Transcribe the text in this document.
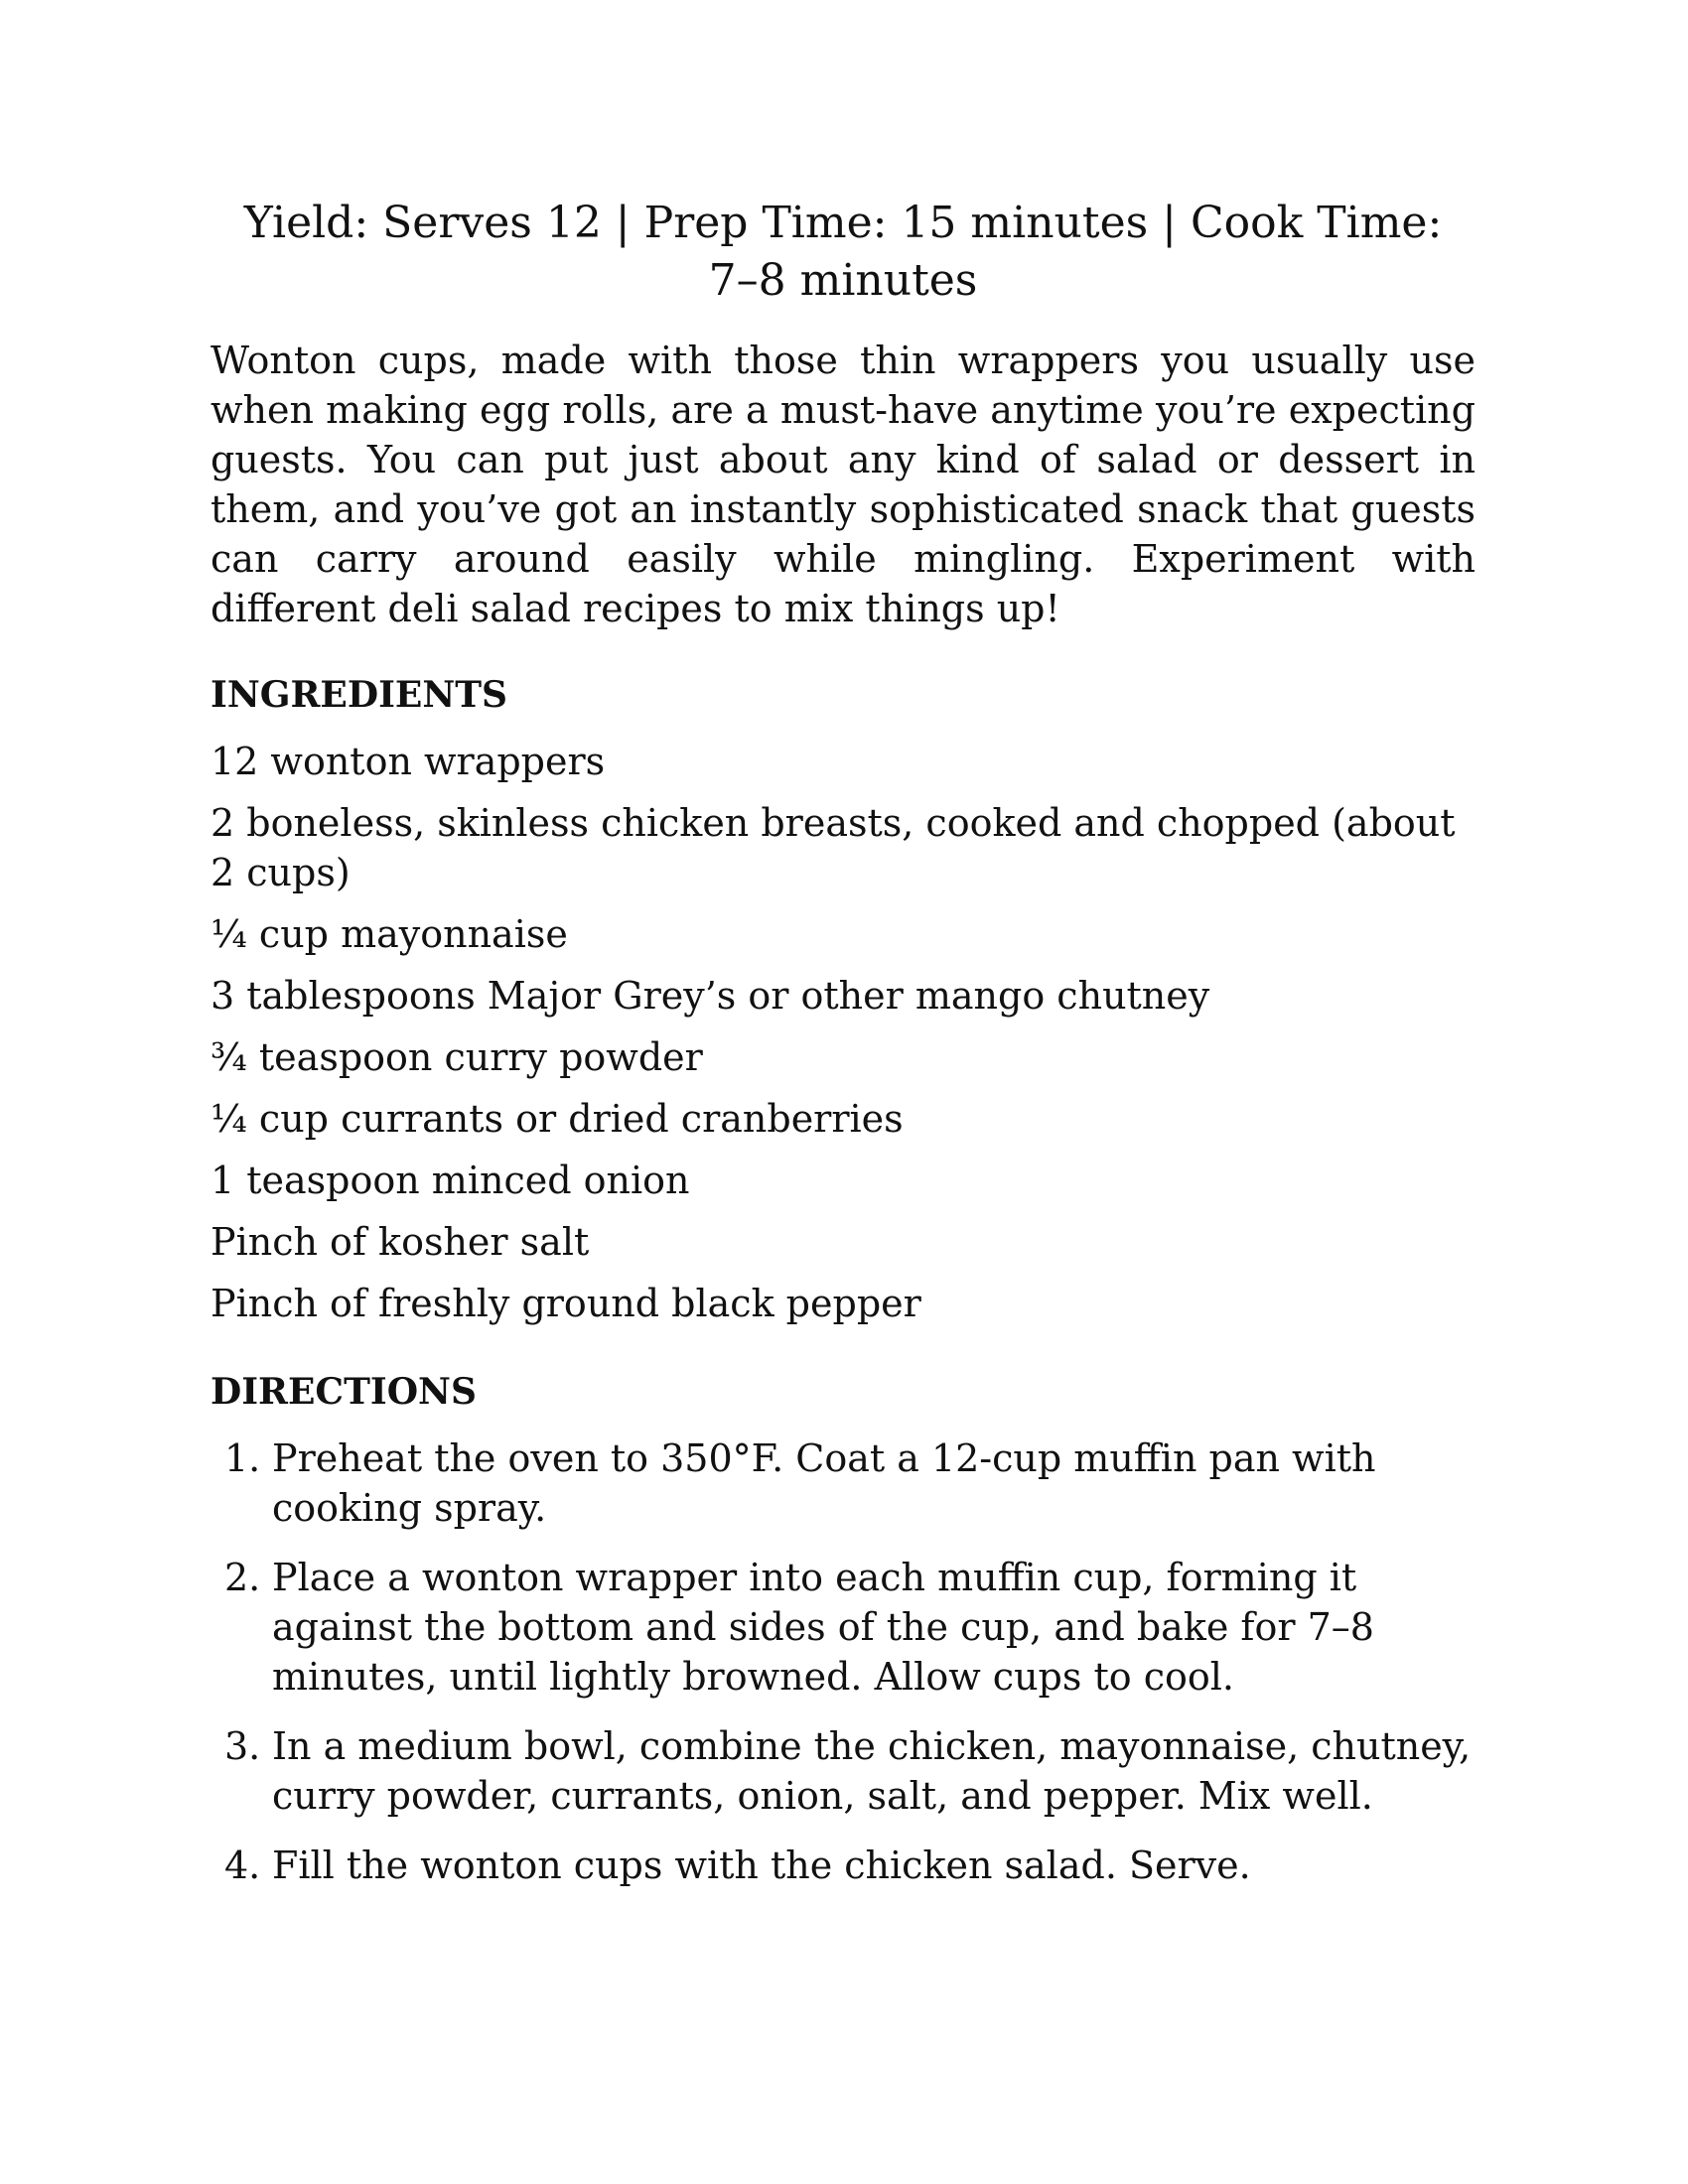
Yield: Serves 12 | Prep Time: 15 minutes | Cook Time: 7–8 minutes

Wonton cups, made with those thin wrappers you usually use when making egg rolls, are a must-have anytime you’re expecting guests. You can put just about any kind of salad or dessert in them, and you’ve got an instantly sophisticated snack that guests can carry around easily while mingling. Experiment with different deli salad recipes to mix things up!

INGREDIENTS
12 wonton wrappers
2 boneless, skinless chicken breasts, cooked and chopped (about 2 cups)
¼ cup mayonnaise
3 tablespoons Major Grey’s or other mango chutney
¾ teaspoon curry powder
¼ cup currants or dried cranberries
1 teaspoon minced onion
Pinch of kosher salt
Pinch of freshly ground black pepper
DIRECTIONS
1. Preheat the oven to 350°F. Coat a 12-cup muffin pan with cooking spray.
2. Place a wonton wrapper into each muffin cup, forming it against the bottom and sides of the cup, and bake for 7–8 minutes, until lightly browned. Allow cups to cool.
3. In a medium bowl, combine the chicken, mayonnaise, chutney, curry powder, currants, onion, salt, and pepper. Mix well.
4. Fill the wonton cups with the chicken salad. Serve.
